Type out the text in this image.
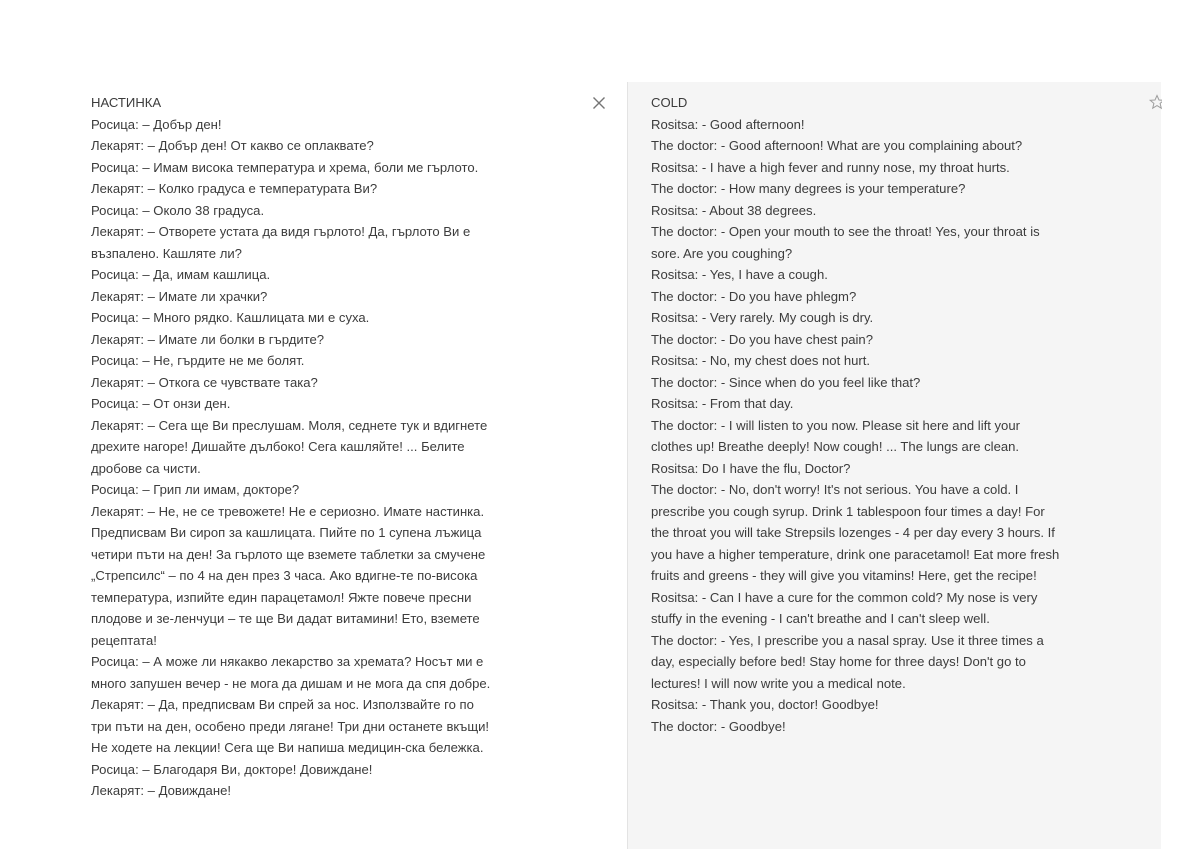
НАСТИНКА
Росица: – Добър ден!
Лекарят: – Добър ден! От какво се оплаквате?
Росица: – Имам висока температура и хрема, боли ме гърлото.
Лекарят: – Колко градуса е температурата Ви?
Росица: – Около 38 градуса.
Лекарят: – Отворете устата да видя гърлото! Да, гърлото Ви е
възпалено. Кашляте ли?
Росица: – Да, имам кашлица.
Лекарят: – Имате ли храчки?
Росица: – Много рядко. Кашлицата ми е суха.
Лекарят: – Имате ли болки в гърдите?
Росица: – Не, гърдите не ме болят.
Лекарят: – Откога се чувствате така?
Росица: – От онзи ден.
Лекарят: – Сега ще Ви преслушам. Моля, седнете тук и вдигнете
дрехите нагоре! Дишайте дълбоко! Сега кашляйте! ... Белите
дробове са чисти.
Росица: – Грип ли имам, докторе?
Лекарят: – Не, не се тревожете! Не е сериозно. Имате настинка.
Предписвам Ви сироп за кашлицата. Пийте по 1 супена лъжица
четири пъти на ден! За гърлото ще вземете таблетки за смучене
„Стрепсилс“ – по 4 на ден през 3 часа. Ако вдигне-те по-висока
температура, изпийте един парацетамол! Яжте повече пресни
плодове и зе-ленчуци – те ще Ви дадат витамини! Ето, вземете
рецептата!
Росица: – А може ли някакво лекарство за хремата? Носът ми е
много запушен вечер - не мога да дишам и не мога да спя добре.
Лекарят: – Да, предписвам Ви спрей за нос. Използвайте го по
три пъти на ден, особено преди лягане! Три дни останете вкъщи!
Не ходете на лекции! Сега ще Ви напиша медицин-ска бележка.
Росица: – Благодаря Ви, докторе! Довиждане!
Лекарят: – Довиждане!
COLD
Rositsa: - Good afternoon!
The doctor: - Good afternoon! What are you complaining about?
Rositsa: - I have a high fever and runny nose, my throat hurts.
The doctor: - How many degrees is your temperature?
Rositsa: - About 38 degrees.
The doctor: - Open your mouth to see the throat! Yes, your throat is
sore. Are you coughing?
Rositsa: - Yes, I have a cough.
The doctor: - Do you have phlegm?
Rositsa: - Very rarely. My cough is dry.
The doctor: - Do you have chest pain?
Rositsa: - No, my chest does not hurt.
The doctor: - Since when do you feel like that?
Rositsa: - From that day.
The doctor: - I will listen to you now. Please sit here and lift your
clothes up! Breathe deeply! Now cough! ... The lungs are clean.
Rositsa: Do I have the flu, Doctor?
The doctor: - No, don't worry! It's not serious. You have a cold. I
prescribe you cough syrup. Drink 1 tablespoon four times a day! For
the throat you will take Strepsils lozenges - 4 per day every 3 hours. If
you have a higher temperature, drink one paracetamol! Eat more fresh
fruits and greens - they will give you vitamins! Here, get the recipe!
Rositsa: - Can I have a cure for the common cold? My nose is very
stuffy in the evening - I can't breathe and I can't sleep well.
The doctor: - Yes, I prescribe you a nasal spray. Use it three times a
day, especially before bed! Stay home for three days! Don't go to
lectures! I will now write you a medical note.
Rositsa: - Thank you, doctor! Goodbye!
The doctor: - Goodbye!
